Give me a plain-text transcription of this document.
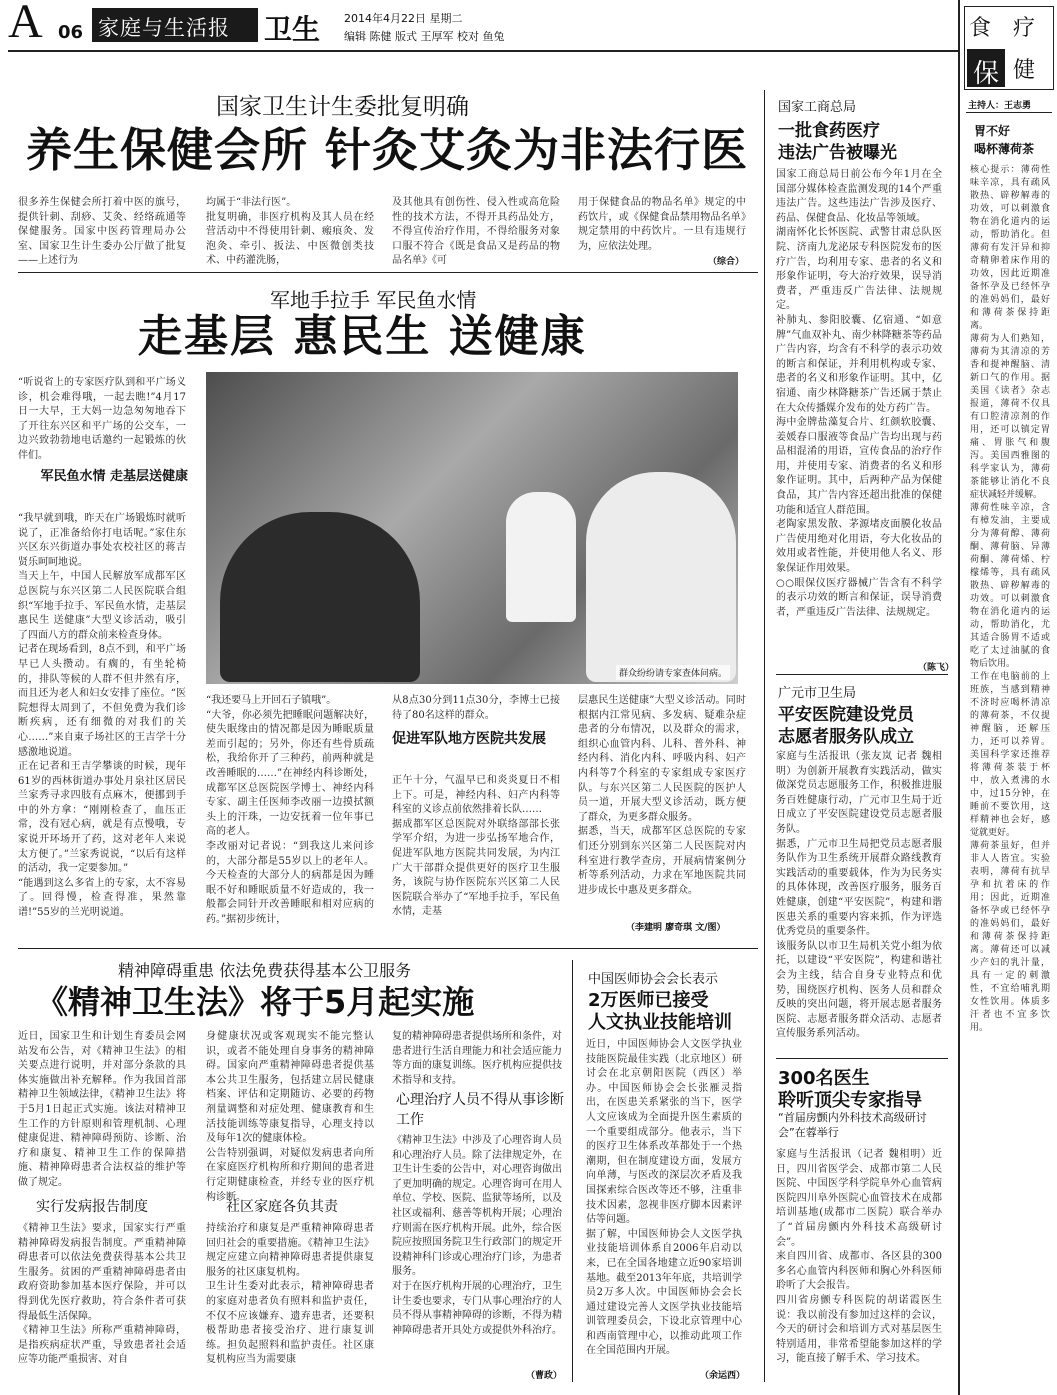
A 06 家庭与生活报 卫生 2014年4月22日 星期二
编辑 陈健 版式 王厚军 校对 鱼兔
国家卫生计生委批复明确
养生保健会所 针灸艾灸为非法行医
很多养生保健会所打着中医的旗号，提供针刺、刮痧、艾灸、经络疏通等保健服务。国家中医药管理局办公室、国家卫生计生委办公厅做了批复——上述行为
均属于“非法行医”。
批复明确，非医疗机构及其人员在经营活动中不得使用针刺、瘢痕灸、发泡灸、牵引、扳法、中医微创类技术、中药灌洗肠，
及其他具有创伤性、侵入性或高危险性的技术方法，不得开具药品处方，不得宣传治疗作用，不得给服务对象口服不符合《既是食品又是药品的物品名单》《可
用于保健食品的物品名单》规定的中药饮片，或《保健食品禁用物品名单》规定禁用的中药饮片。一旦有违规行为，应依法处理。
（综合）
军地手拉手 军民鱼水情
走基层 惠民生 送健康
“听说省上的专家医疗队到和平广场义诊，机会难得哦，一起去瞧!”4月17日一大早，王大妈一边急匆匆地吞下了开往东兴区和平广场的公交车，一边兴致勃勃地电话邀约一起锻炼的伙伴们。
军民鱼水情 走基层送健康
“我早就到哦，昨天在广场锻炼时就听说了，正准备给你打电话呢。”家住东兴区东兴街道办事处农校社区的蒋吉贤乐呵呵地说。
当天上午，中国人民解放军成都军区总医院与东兴区第二人民医院联合组织“军地手拉手、军民鱼水情，走基层 惠民生 送健康”大型义诊活动，吸引了四面八方的群众前来检查身体。
记者在现场看到，8点不到，和平广场早已人头攒动。有瘸的，有坐轮椅的，排队等候的人群不但井然有序，而且还为老人和妇女安排了座位。“医院想得太周到了，不但免费为我们诊断疾病，还有细微的对我们的关心……”来自東子场社区的王吉学十分感激地说道。
正在记者和王吉学攀谈的时候，现年61岁的西林街道办事处月泉社区居民兰家秀寻求四肢有点麻木，便挪到手中的外方拿：“刚刚检查了，血压正常，没有冠心病，就是有点慢哦，专家说开环场开了药，这对老年人来说太方便了。”兰家秀说说，“以后有这样的活动，我一定要参加。”
“能遇到这么多省上的专家，太不容易了。回得慢，检查得准，果然靠谱!”55岁的兰光明说道。
群众纷纷请专家查体问病。
“我还要马上开回石子镇哦”。
“大爷，你必须先把睡眠问题解决好，使失眠缘由的情况都是因为睡眠质量差而引起的；另外，你还有些骨质疏松，我给你开了三种药，前两种就是改善睡眠的……”在神经内科诊断处，成都军区总医院医学博士、神经内科专家、副主任医师李改丽一边摸拭额头上的汗珠，一边安抚着一位年事已高的老人。
李改丽对记者说：“到我这儿来问诊的，大部分都是55岁以上的老年人。今天检查的大部分人的病都是因为睡眠不好和睡眠质量不好造成的，我一般都会同针开改善睡眠和相对应病的药。”据初步统计，
从8点30分到11点30分，李博士已接待了80名这样的群众。
促进军队地方医院共发展
正午十分，气温早已和炎炎夏日不相上下。可是，神经内科、妇产内科等科室的义诊点前依然排着长队……
据成都军区总医院对外联络部部长张学军介绍，为进一步弘扬军地合作，促进军队地方医院共同发展，为内江广大干部群众提供更好的医疗卫生服务，该院与协作医院东兴区第二人民医院联合举办了“军地手拉手，军民鱼水情，走基
层惠民生送健康”大型义诊活动。同时根据内江常见病、多发病、疑难杂症患者的分布情况，以及群众的需求，组织心血管内科、儿科、普外科、神经内科、消化内科、呼吸内科、妇产内科等7个科室的专家组成专家医疗队。与东兴区第二人民医院的医护人员一道，开展大型义诊活动，既方便了群众，为更多群众服务。
据悉，当天，成都军区总医院的专家们还分别到东兴区第二人民医院对内科室进行教学查房，开展病情案例分析等系列活动，力求在军地医院共同进步成长中惠及更多群众。
（李建明 廖奇琪 文/图）
精神障碍重患 依法免费获得基本公卫服务
《精神卫生法》将于5月起实施
近日，国家卫生和计划生育委员会网站发布公告，对《精神卫生法》的相关要点进行说明，并对部分条款的具体实施做出补充解释。作为我国首部精神卫生领域法律，《精神卫生法》将于5月1日起正式实施。该法对精神卫生工作的方针原则和管理机制、心理健康促进、精神障碍预防、诊断、治疗和康复、精神卫生工作的保障措施、精神障碍患者合法权益的维护等做了规定。
实行发病报告制度
《精神卫生法》要求，国家实行严重精神障碍发病报告制度。严重精神障碍患者可以依法免费获得基本公共卫生服务。贫困的严重精神障碍患者由政府资助参加基本医疗保险，并可以得到优先医疗救助，符合条件者可获得最低生活保障。
《精神卫生法》所称严重精神障碍，是指疾病症状严重，导致患者社会适应等功能严重损害、对自
身健康状况或客观现实不能完整认识，或者不能处理自身事务的精神障碍。国家向严重精神障碍患者提供基本公共卫生服务，包括建立居民健康档案、评估和定期随访、必要的药物剂量调整和对症处理、健康教育和生活技能训练等康复指导，心理支持以及每年1次的健康体检。
公告特别强调，对疑似发病患者向所在家庭医疗机构所和疗期间的患者进行定期健康检查，并经专业的医疗机构诊断。
社区家庭各负其责
持续治疗和康复是严重精神障碍患者回归社会的重要措施。《精神卫生法》规定应建立向精神障碍患者提供康复服务的社区康复机构。
卫生计生委对此表示，精神障碍患者的家庭对患者负有照料和监护责任，不仅不应该嫌弃、遗弃患者，还要积极帮助患者接受治疗、进行康复训练。担负起照料和监护责任。社区康复机构应当为需要康
复的精神障碍患者提供场所和条件，对患者进行生活自理能力和社会适应能力等方面的康复训练。医疗机构应提供技术指导和支持。
心理治疗人员不得从事诊断工作
《精神卫生法》中涉及了心理咨询人员和心理治疗人员。除了法律规定外，在卫生计生委的公告中，对心理咨询做出了更加明确的规定。心理咨询可在用人单位、学校、医院、监狱等场所，以及社区或福利、慈善等机构开展；心理治疗则需在医疗机构开展。此外，综合医院应按照国务院卫生行政部门的规定开设精神科门诊或心理治疗门诊，为患者服务。
对于在医疗机构开展的心理治疗，卫生计生委也要求，专门从事心理治疗的人员不得从事精神障碍的诊断，不得为精神障碍患者开具处方或提供外科治疗。
（曹政）
中国医师协会会长表示
2万医师已接受
人文执业技能培训
近日，中国医师协会人文医学执业技能医院最佳实践（北京地区）研讨会在北京朝阳医院（西区）举办。中国医师协会会长张雁灵指出，在医患关系紧张的当下，医学人文应该成为全面提升医生素质的一个重要组成部分。他表示，当下的医疗卫生体系改革都处于一个热潮期，但在制度建设方面，发展方向单薄，与医改的深层次矛盾及我国探索综合医改等还不够，注重非技术因素，忽视非医疗脚本因素评估等问题。
据了解，中国医师协会人文医学执业技能培训体系自2006年启动以来，已在全国各地建立近90家培训基地。截至2013年年底，共培训学员2万多人次。中国医师协会会长通过建设完善人文医学执业技能培训管理委员会，下设北京管理中心和西南管理中心，以推动此项工作在全国范围内开展。
（余运西）
国家工商总局
一批食药医疗
违法广告被曝光
国家工商总局日前公布今年1月在全国部分媒体检查监测发现的14个严重违法广告。这些违法广告涉及医疗、药品、保健食品、化妆品等领域。
湖南怀化长怀医院、武警甘肃总队医院、济南九龙泌尿专科医院发布的医疗广告，均利用专家、患者的名义和形象作证明，夸大治疗效果，误导消费者，严重违反广告法律、法规规定。
补肺丸、参阳胶囊、亿宿通、“如意牌”气血双补丸、南少林降糖茶等药品广告内容，均含有不科学的表示功效的断言和保证，并利用机构或专家、患者的名义和形象作证明。其中，亿宿通、南少林降糖茶广告还属于禁止在大众传播媒介发布的处方药广告。
海中金牌盐藻复合片、红颜软胶囊、姜媛春口服液等食品广告均出现与药品相混淆的用语，宣传食品的治疗作用，并使用专家、消费者的名义和形象作证明。其中，后两种产品为保健食品，其广告内容还超出批准的保健功能和适宜人群范围。
老陶家黑发散、茅源堵皮面膜化妆品广告使用绝对化用语，夸大化妆品的效用或者性能，并使用他人名义、形象保证作用效果。
○○眼保仪医疗器械广告含有不科学的表示功效的断言和保证，误导消费者，严重违反广告法律、法规规定。
（陈飞）
广元市卫生局
平安医院建设党员
志愿者服务队成立
家庭与生活报讯（张友岚 记者 魏相明）为创新开展教育实践活动，做实做深党员志愿服务工作，积极推进服务百姓健康行动，广元市卫生局于近日成立了平安医院建设党员志愿者服务队。
据悉，广元市卫生局把党员志愿者服务队作为卫生系统开展群众路线教育实践活动的重要载体，作为为民务实的具体体现，改善医疗服务，服务百姓健康，创建“平安医院”，构建和谐医患关系的重要内容来抓，作为评选优秀党员的重要条件。
该服务队以市卫生局机关党小组为依托，以建设“平安医院”，构建和谐社会为主线，结合自身专业特点和优势，围绕医疗机构、医务人员和群众反映的突出问题，将开展志愿者服务医院、志愿者服务群众活动、志愿者宣传服务系列活动。
300名医生
聆听顶尖专家指导
“首届房颤内外科技术高级研讨会”在蓉举行
家庭与生活报讯（记者 魏相明）近日，四川省医学会、成都市第二人民医院、中国医学科学院阜外心血管病医院四川阜外医院心血管技术在成都培训基地(成都市二医院）联合举办了“首届房颤内外科技术高级研讨会”。
来自四川省、成都市、各区县的300多名心血管内科医师和胸心外科医师聆听了大会报告。
四川省房颤专科医院的胡诺霞医生说：我以前没有参加过这样的会议，今天的研讨会和培训方式对基层医生特别适用，非常希望能参加这样的学习，能直接了解手术、学习技术。
食 疗
保 健
主持人：王志勇
胃不好
喝杯薄荷茶
核心提示：薄荷性味辛凉，具有疏风散热、辟秽解毒的功效，可以刺激食物在消化道内的运动，帮助消化。但薄荷有发汗异和抑奇精卵着床作用的功效，因此近期准备怀孕及已经怀孕的准妈妈们，最好和薄荷茶保持距离。
薄荷为人们熟知，薄荷为其清凉的芳香和提神醒脑、清新口气的作用。据美国《读者》杂志报道，薄荷不仅具有口腔清凉剂的作用，还可以镇定胃痛、胃胀气和腹泻。美国西雅图的科学家认为，薄荷茶能够让消化不良症状减轻并缓解。
薄荷性味辛凉，含有樟发油，主要成分为薄荷醇、薄荷酮、薄荷脑、异薄荷酮、薄荷烯、柠檬烯等，具有疏风散热、辟秽解毒的功效。可以刺激食物在消化道内的运动，帮助消化，尤其适合肠胃不适或吃了太过油腻的食物后饮用。
工作在电脑前的上班族，当感到精神不济时应喝杯清凉的薄荷茶，不仅提神醒脑，还解压力，还可以养胃。美国科学家还推荐将薄荷茶装于杯中，放入煮沸的水中，过15分钟，在睡前不要饮用，这样精神也会好，感觉就更好。
薄荷茶虽好，但并非人人皆宜。实验表明，薄荷有抗早孕和抗着床的作用；因此，近期准备怀孕或已经怀孕的准妈妈们，最好和薄荷茶保持距离。薄荷还可以减少产妇的乳汁量，具有一定的刺激性，不宜给哺乳期女性饮用。体质多汗者也不宜多饮用。
